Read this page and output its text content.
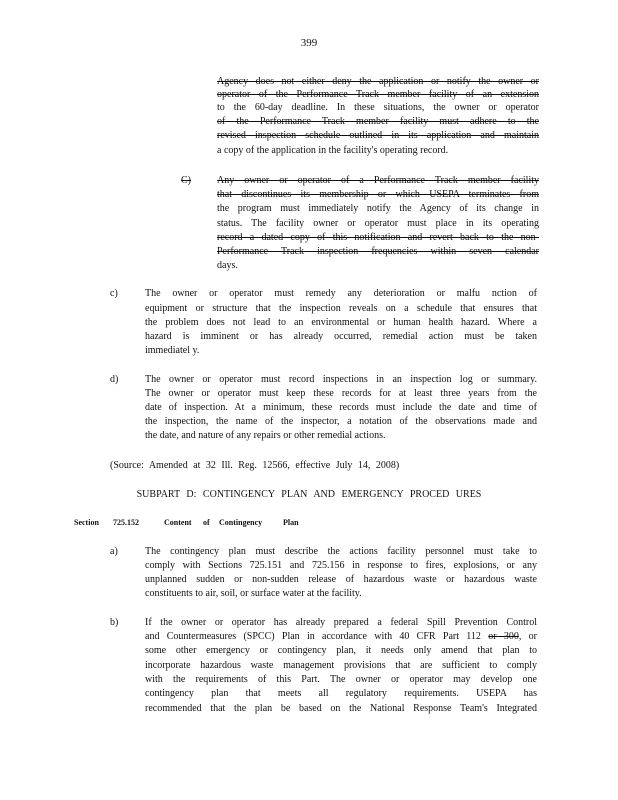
399
Agency does not either deny the application or notify the owner or
operator of the Performance Track member facility of an extension
to the 60-day deadline. In these situations, the owner or operator
of the Performance Track member facility must adhere to the
revised inspection schedule outlined in its application and maintain
a copy of the application in the facility's operating record.
C)	Any owner or operator of a Performance Track member facility
that discontinues its membership or which USEPA terminates from
the program must immediately notify the Agency of its change in
status. The facility owner or operator must place in its operating
record a dated copy of this notification and revert back to the non-
Performance Track inspection frequencies within seven calendar
days.
c)	The owner or operator must remedy any deterioration or malfu nction of
equipment or structure that the inspection reveals on a schedule that ensures that
the problem does not lead to an environmental or human health hazard. Where a
hazard is imminent or has already occurred, remedial action must be taken
immediatel y.
d)	The owner or operator must record inspections in an inspection log or summary.
The owner or operator must keep these records for at least three years from the
date of inspection. At a minimum, these records must include the date and time of
the inspection, the name of the inspector, a notation of the observations made and
the date, and nature of any repairs or other remedial actions.
(Source: Amended at 32 Ill. Reg. 12566, effective July 14, 2008)
SUBPART D: CONTINGENCY PLAN AND EMERGENCY PROCED URES
Section 725.152	Content of Contingency	Plan
a)	The contingency plan must describe the actions facility personnel must take to
comply with Sections 725.151 and 725.156 in response to fires, explosions, or any
unplanned sudden or non-sudden release of hazardous waste or hazardous waste
constituents to air, soil, or surface water at the facility.
b)	If the owner or operator has already prepared a federal Spill Prevention Control
and Countermeasures (SPCC) Plan in accordance with 40 CFR Part 112 or 300, or
some other emergency or contingency plan, it needs only amend that plan to
incorporate hazardous waste management provisions that are sufficient to comply
with the requirements of this Part. The owner or operator may develop one
contingency plan that meets all regulatory requirements. USEPA has
recommended that the plan be based on the National Response Team's Integrated
